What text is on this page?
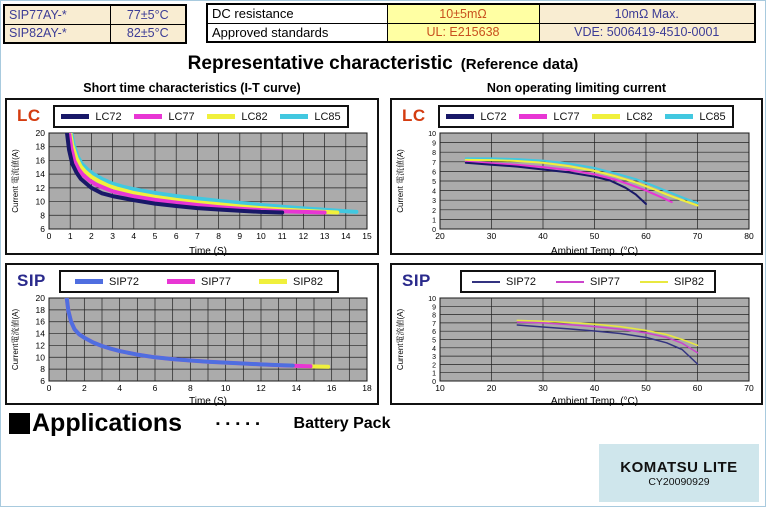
SIP77AY-*	77±5°C
SIP82AY-*	82±5°C
DC resistance	10±5mΩ	10mΩ Max.
Approved standards	UL: E215638	VDE: 5006419-4510-0001
Representative characteristic (Reference data)
Short time characteristics (I-T curve)	Non operating limiting current
LC	LC72	LC77	LC82	LC85
0 1 2 3 4 5 6 7 8 9 10 11 12 13 14 15
6
8
10
12
14
16
18
20
Time (S)
Current 電流値(A)
LC	LC72	LC77	LC82	LC85
20	30	40	50	60	70	80
0
1
2
3
4
5
6
7
8
9
10
Ambient Temp. (°C)
Current 電流値(A)
SIP	SIP72	SIP77	SIP82
0	2	4	6	8	10	12	14	16	18
6
8
10
12
14
16
18
20
Time (S)
Current電流値(A)
SIP	SIP72	SIP77	SIP82
10	20	30	40	50	60	70
0
1
2
3
4
5
6
7
8
9
10
Ambient Temp. (°C)
Current電流値(A)
Applications	▪▪▪▪▪ Battery Pack
KOMATSU LITE
CY20090929
